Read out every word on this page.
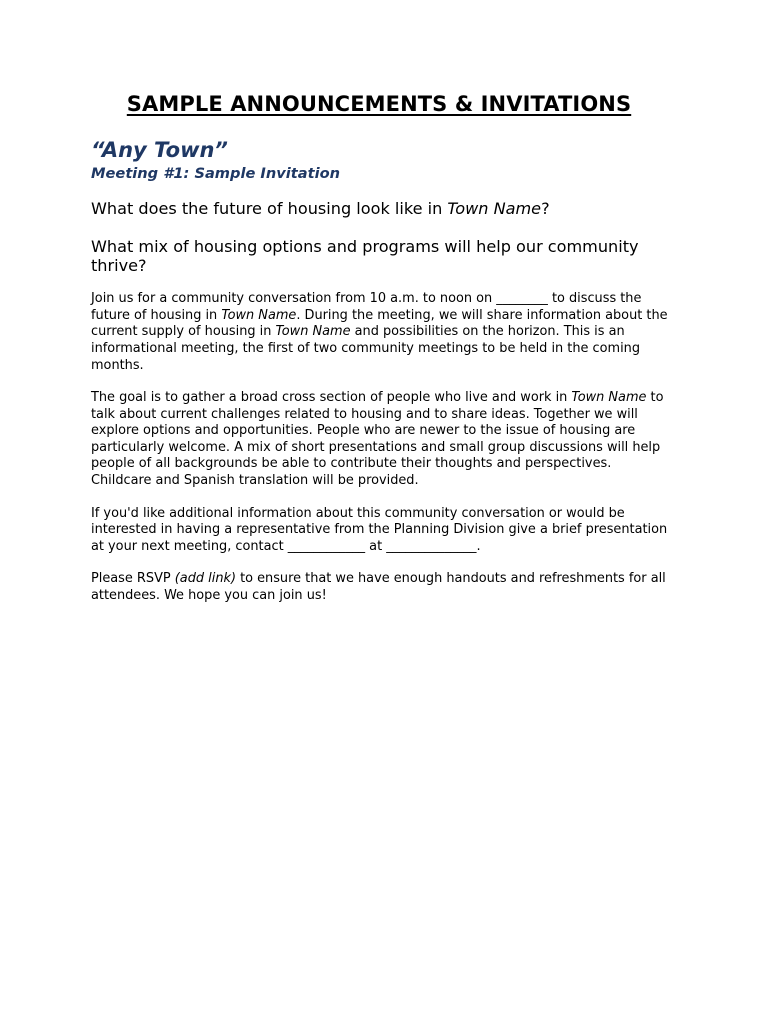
SAMPLE ANNOUNCEMENTS & INVITATIONS
“Any Town”
Meeting #1: Sample Invitation

What does the future of housing look like in Town Name?

What mix of housing options and programs will help our community thrive?

Join us for a community conversation from 10 a.m. to noon on ________ to discuss the future of housing in Town Name. During the meeting, we will share information about the current supply of housing in Town Name and possibilities on the horizon. This is an informational meeting, the first of two community meetings to be held in the coming months.

The goal is to gather a broad cross section of people who live and work in Town Name to talk about current challenges related to housing and to share ideas. Together we will explore options and opportunities. People who are newer to the issue of housing are particularly welcome. A mix of short presentations and small group discussions will help people of all backgrounds be able to contribute their thoughts and perspectives. Childcare and Spanish translation will be provided.

If you'd like additional information about this community conversation or would be interested in having a representative from the Planning Division give a brief presentation at your next meeting, contact ____________ at ______________.

Please RSVP (add link) to ensure that we have enough handouts and refreshments for all attendees. We hope you can join us!
